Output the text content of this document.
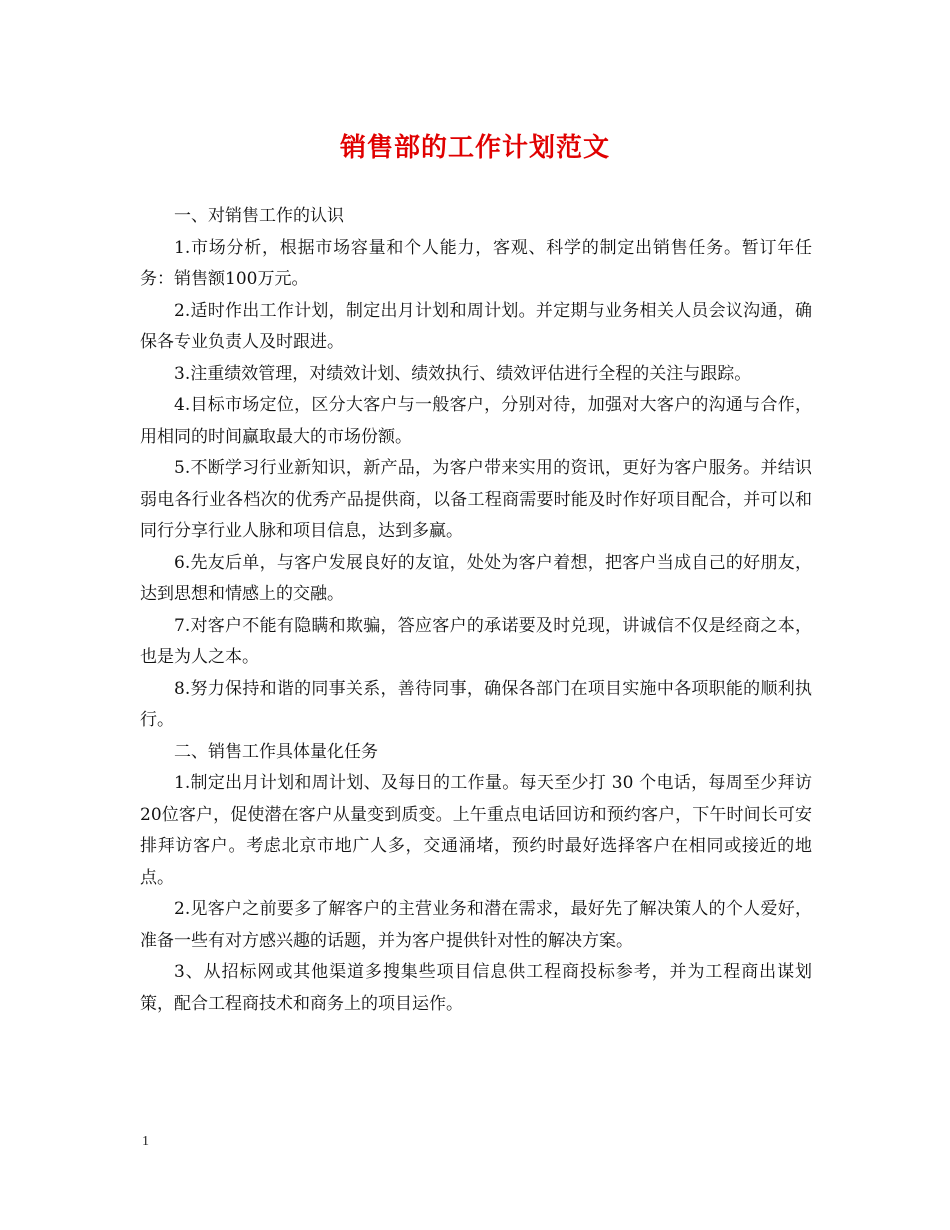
销售部的工作计划范文

一、对销售工作的认识

1.市场分析，根据市场容量和个人能力，客观、科学的制定出销售任务。暂订年任务：销售额100万元。

2.适时作出工作计划，制定出月计划和周计划。并定期与业务相关人员会议沟通，确保各专业负责人及时跟进。

3.注重绩效管理，对绩效计划、绩效执行、绩效评估进行全程的关注与跟踪。

4.目标市场定位，区分大客户与一般客户，分别对待，加强对大客户的沟通与合作，用相同的时间赢取最大的市场份额。

5.不断学习行业新知识，新产品，为客户带来实用的资讯，更好为客户服务。并结识弱电各行业各档次的优秀产品提供商，以备工程商需要时能及时作好项目配合，并可以和同行分享行业人脉和项目信息，达到多赢。

6.先友后单，与客户发展良好的友谊，处处为客户着想，把客户当成自己的好朋友，达到思想和情感上的交融。

7.对客户不能有隐瞒和欺骗，答应客户的承诺要及时兑现，讲诚信不仅是经商之本，也是为人之本。

8.努力保持和谐的同事关系，善待同事，确保各部门在项目实施中各项职能的顺利执行。

二、销售工作具体量化任务

1.制定出月计划和周计划、及每日的工作量。每天至少打 30 个电话，每周至少拜访20位客户，促使潜在客户从量变到质变。上午重点电话回访和预约客户，下午时间长可安排拜访客户。考虑北京市地广人多，交通涌堵，预约时最好选择客户在相同或接近的地点。

2.见客户之前要多了解客户的主营业务和潜在需求，最好先了解决策人的个人爱好，准备一些有对方感兴趣的话题，并为客户提供针对性的解决方案。

3、从招标网或其他渠道多搜集些项目信息供工程商投标参考，并为工程商出谋划策，配合工程商技术和商务上的项目运作。

1
